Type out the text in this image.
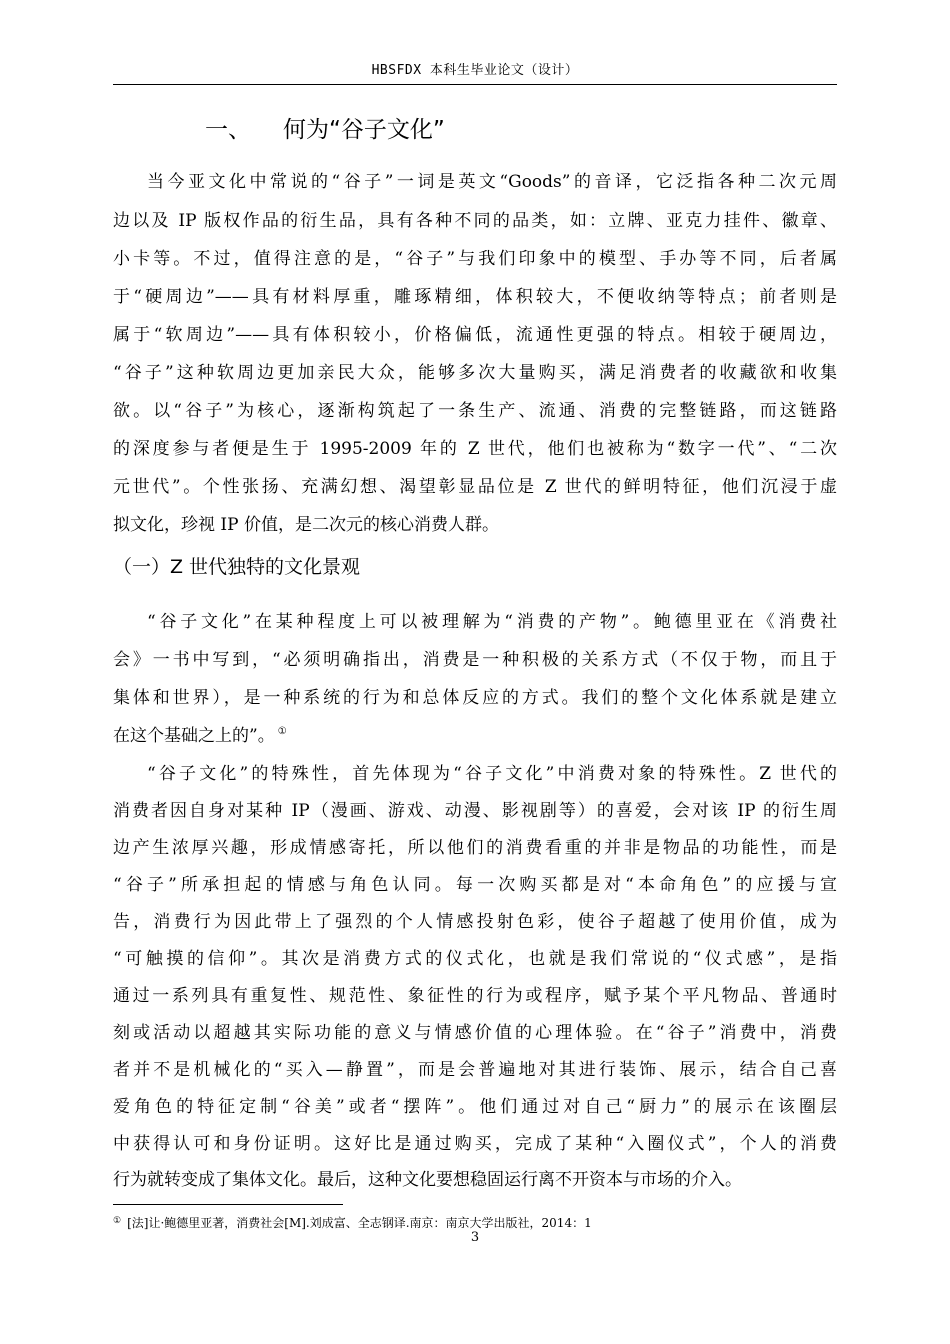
HBSFDX 本科生毕业论文（设计）
一、 何为“谷子文化”
当今亚文化中常说的“谷子”一词是英文“Goods”的音译，它泛指各种二次元周
边以及 IP 版权作品的衍生品，具有各种不同的品类，如：立牌、亚克力挂件、徽章、
小卡等。不过，值得注意的是，“谷子”与我们印象中的模型、手办等不同，后者属
于“硬周边”——具有材料厚重，雕琢精细，体积较大，不便收纳等特点；前者则是
属于“软周边”——具有体积较小，价格偏低，流通性更强的特点。相较于硬周边，
“谷子”这种软周边更加亲民大众，能够多次大量购买，满足消费者的收藏欲和收集
欲。以“谷子”为核心，逐渐构筑起了一条生产、流通、消费的完整链路，而这链路
的深度参与者便是生于 1995-2009 年的 Z 世代，他们也被称为“数字一代”、“二次
元世代”。个性张扬、充满幻想、渴望彰显品位是 Z 世代的鲜明特征，他们沉浸于虚
拟文化，珍视 IP 价值，是二次元的核心消费人群。
（一）Z 世代独特的文化景观
“谷子文化”在某种程度上可以被理解为“消费的产物”。鲍德里亚在《消费社
会》一书中写到，“必须明确指出，消费是一种积极的关系方式（不仅于物，而且于
集体和世界），是一种系统的行为和总体反应的方式。我们的整个文化体系就是建立
在这个基础之上的”。 ①
“谷子文化”的特殊性，首先体现为“谷子文化”中消费对象的特殊性。Z 世代的
消费者因自身对某种 IP（漫画、游戏、动漫、影视剧等）的喜爱，会对该 IP 的衍生周
边产生浓厚兴趣，形成情感寄托，所以他们的消费看重的并非是物品的功能性，而是
“谷子”所承担起的情感与角色认同。每一次购买都是对“本命角色”的应援与宣
告，消费行为因此带上了强烈的个人情感投射色彩，使谷子超越了使用价值，成为
“可触摸的信仰”。其次是消费方式的仪式化，也就是我们常说的“仪式感”，是指
通过一系列具有重复性、规范性、象征性的行为或程序，赋予某个平凡物品、普通时
刻或活动以超越其实际功能的意义与情感价值的心理体验。在“谷子”消费中，消费
者并不是机械化的“买入—静置”，而是会普遍地对其进行装饰、展示，结合自己喜
爱角色的特征定制“谷美”或者“摆阵”。他们通过对自己“厨力”的展示在该圈层
中获得认可和身份证明。这好比是通过购买，完成了某种“入圈仪式”，个人的消费
行为就转变成了集体文化。最后，这种文化要想稳固运行离不开资本与市场的介入。
① [法]让·鲍德里亚著，消费社会[M].刘成富、全志钢译.南京：南京大学出版社，2014：1
3
